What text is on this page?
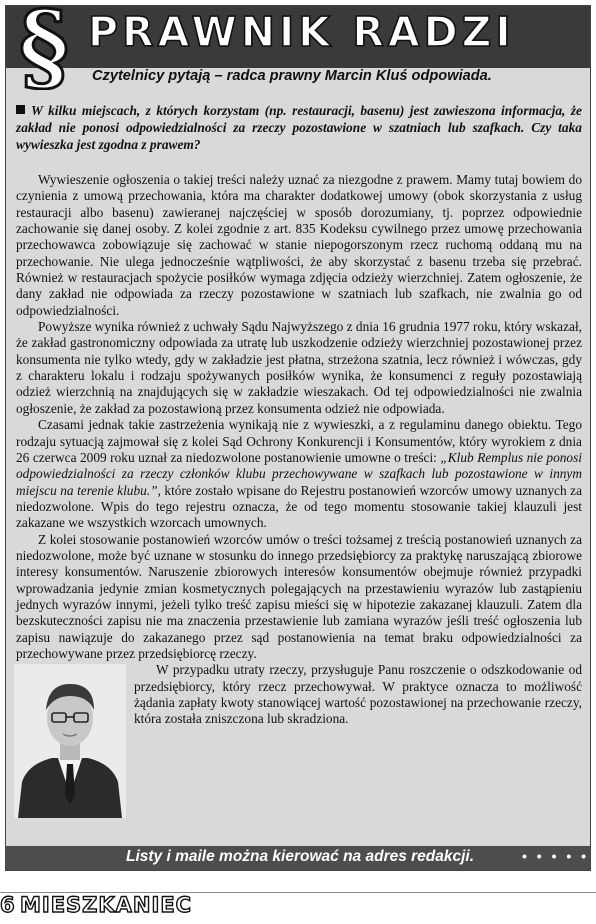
§ PRAWNIK RADZI
Czytelnicy pytają – radca prawny Marcin Kluś odpowiada.
W kilku miejscach, z których korzystam (np. restauracji, basenu) jest zawieszona informacja, że zakład nie ponosi odpowiedzialności za rzeczy pozostawione w szatniach lub szafkach. Czy taka wywieszka jest zgodna z prawem?

Wywieszenie ogłoszenia o takiej treści należy uznać za niezgodne z prawem. Mamy tutaj bowiem do czynienia z umową przechowania, która ma charakter dodatkowej umowy (obok skorzystania z usług restauracji albo basenu) zawieranej najczęściej w sposób dorozumiany, tj. poprzez odpowiednie zachowanie się danej osoby. Z kolei zgodnie z art. 835 Kodeksu cywilnego przez umowę przechowania przechowawca zobowiązuje się zachować w stanie niepogorszonym rzecz ruchomą oddaną mu na przechowanie. Nie ulega jednocześnie wątpliwości, że aby skorzystać z basenu trzeba się przebrać. Również w restauracjach spożycie posiłków wymaga zdjęcia odzieży wierzchniej. Zatem ogłoszenie, że dany zakład nie odpowiada za rzeczy pozostawione w szatniach lub szafkach, nie zwalnia go od odpowiedzialności.

Powyższe wynika również z uchwały Sądu Najwyższego z dnia 16 grudnia 1977 roku, który wskazał, że zakład gastronomiczny odpowiada za utratę lub uszkodzenie odzieży wierzchniej pozostawionej przez konsumenta nie tylko wtedy, gdy w zakładzie jest płatna, strzeżona szatnia, lecz również i wówczas, gdy z charakteru lokalu i rodzaju spożywanych posiłków wynika, że konsumenci z reguły pozostawiają odzież wierzchnią na znajdujących się w zakładzie wieszakach. Od tej odpowiedzialności nie zwalnia ogłoszenie, że zakład za pozostawioną przez konsumenta odzież nie odpowiada.

Czasami jednak takie zastrzeżenia wynikają nie z wywieszki, a z regulaminu danego obiektu. Tego rodzaju sytuacją zajmował się z kolei Sąd Ochrony Konkurencji i Konsumentów, który wyrokiem z dnia 26 czerwca 2009 roku uznał za niedozwolone postanowienie umowne o treści: „Klub Remplus nie ponosi odpowiedzialności za rzeczy członków klubu przechowywane w szafkach lub pozostawione w innym miejscu na terenie klubu.”, które zostało wpisane do Rejestru postanowień wzorców umowy uznanych za niedozwolone. Wpis do tego rejestru oznacza, że od tego momentu stosowanie takiej klauzuli jest zakazane we wszystkich wzorcach umownych.

Z kolei stosowanie postanowień wzorców umów o treści tożsamej z treścią postanowień uznanych za niedozwolone, może być uznane w stosunku do innego przedsiębiorcy za praktykę naruszającą zbiorowe interesy konsumentów. Naruszenie zbiorowych interesów konsumentów obejmuje również przypadki wprowadzania jedynie zmian kosmetycznych polegających na przestawieniu wyrazów lub zastąpieniu jednych wyrazów innymi, jeżeli tylko treść zapisu mieści się w hipotezie zakazanej klauzuli. Zatem dla bezskuteczności zapisu nie ma znaczenia przestawienie lub zamiana wyrazów jeśli treść ogłoszenia lub zapisu nawiązuje do zakazanego przez sąd postanowienia na temat braku odpowiedzialności za przechowywane przez przedsiębiorcę rzeczy.

W przypadku utraty rzeczy, przysługuje Panu roszczenie o odszkodowanie od przedsiębiorcy, który rzecz przechowywał. W praktyce oznacza to możliwość żądania zapłaty kwoty stanowiącej wartość pozostawionej na przechowanie rzeczy, która została zniszczona lub skradziona.

Listy i maile można kierować na adres redakcji.	• • • • •
6 MIESZKANIEC
